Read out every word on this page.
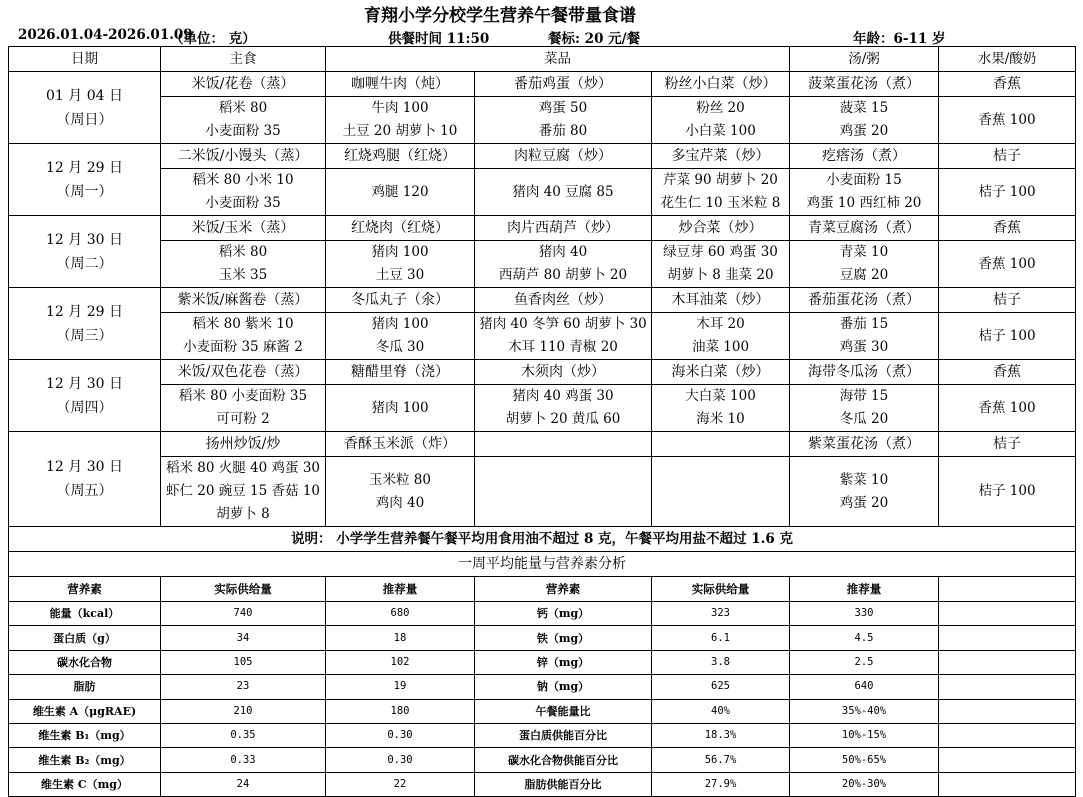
育翔小学分校学生营养午餐带量食谱
2026.01.04-2026.01.09
（单位： 克）	供餐时间 11:50	餐标: 20 元/餐	年龄：6-11 岁
日期	主食	菜品			汤/粥	水果/酸奶

01 月 04 日
（周日）	米饭/花卷（蒸）	咖喱牛肉（炖）	番茄鸡蛋（炒）	粉丝小白菜（炒）	菠菜蛋花汤（煮）	香蕉

	稻米 80
小麦面粉 35	牛肉 100
土豆 20 胡萝卜 10	鸡蛋 50
番茄 80	粉丝 20
小白菜 100	菠菜 15
鸡蛋 20	香蕉 100

12 月 29 日
（周一）	二米饭/小馒头（蒸）	红烧鸡腿（红烧）	肉粒豆腐（炒）	多宝芹菜（炒）	疙瘩汤（煮）	桔子

	稻米 80 小米 10
小麦面粉 35	鸡腿 120	猪肉 40 豆腐 85	芹菜 90 胡萝卜 20
花生仁 10 玉米粒 8	小麦面粉 15
鸡蛋 10 西红柿 20	桔子 100

12 月 30 日
（周二）	米饭/玉米（蒸）	红烧肉（红烧）	肉片西葫芦（炒）	炒合菜（炒）	青菜豆腐汤（煮）	香蕉

	稻米 80
玉米 35	猪肉 100
土豆 30	猪肉 40
西葫芦 80 胡萝卜 20	绿豆芽 60 鸡蛋 30
胡萝卜 8 韭菜 20	青菜 10
豆腐 20	香蕉 100

12 月 29 日
（周三）	紫米饭/麻酱卷（蒸）	冬瓜丸子（氽）	鱼香肉丝（炒）	木耳油菜（炒）	番茄蛋花汤（煮）	桔子

	稻米 80 紫米 10
小麦面粉 35 麻酱 2	猪肉 100
冬瓜 30	猪肉 40 冬笋 60 胡萝卜 30
木耳 110 青椒 20	木耳 20
油菜 100	番茄 15
鸡蛋 30	桔子 100

12 月 30 日
（周四）	米饭/双色花卷（蒸）	糖醋里脊（浇）	木须肉（炒）	海米白菜（炒）	海带冬瓜汤（煮）	香蕉

	稻米 80 小麦面粉 35
可可粉 2	猪肉 100	猪肉 40 鸡蛋 30
胡萝卜 20 黄瓜 60	大白菜 100
海米 10	海带 15
冬瓜 20	香蕉 100

12 月 30 日
（周五）	扬州炒饭/炒	香酥玉米派（炸）			紫菜蛋花汤（煮）	桔子

	稻米 80 火腿 40 鸡蛋 30
虾仁 20 豌豆 15 香菇 10
胡萝卜 8	玉米粒 80
鸡肉 40			紫菜 10
鸡蛋 20	桔子 100

说明： 小学学生营养餐午餐平均用食用油不超过 8 克，午餐平均用盐不超过 1.6 克						
一周平均能量与营养素分析						
营养素	实际供给量	推荐量	营养素	实际供给量	推荐量	
能量（kcal）	740	680	钙（mg）	323	330	
蛋白质（g）	34	18	铁（mg）	6.1	4.5	
碳水化合物	105	102	锌（mg）	3.8	2.5	
脂肪	23	19	钠（mg）	625	640	
维生素 A（μgRAE)	210	180	午餐能量比	40%	35%-40%	
维生素 B₁（mg）	0.35	0.30	蛋白质供能百分比	18.3%	10%-15%	
维生素 B₂（mg）	0.33	0.30	碳水化合物供能百分比	56.7%	50%-65%	
维生素 C（mg）	24	22	脂肪供能百分比	27.9%	20%-30%	
